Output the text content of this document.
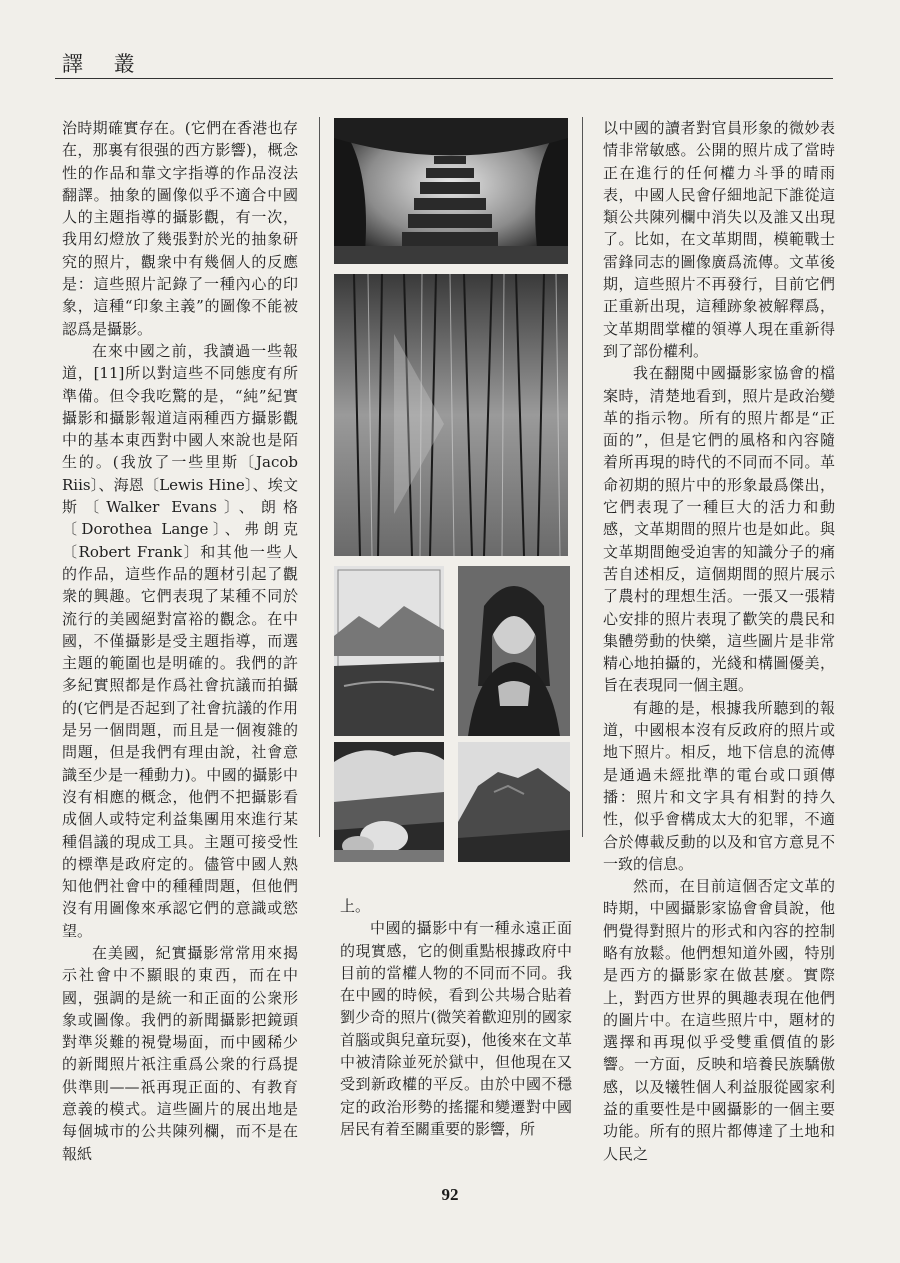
譯 叢

治時期確實存在。(它們在香港也存在，那裏有很强的西方影響)，概念性的作品和靠文字指導的作品沒法翻譯。抽象的圖像似乎不適合中國人的主題指導的攝影觀，有一次，我用幻燈放了幾張對於光的抽象研究的照片，觀衆中有幾個人的反應是：這些照片記錄了一種內心的印象，這種“印象主義”的圖像不能被認爲是攝影。

在來中國之前，我讀過一些報道，[11]所以對這些不同態度有所準備。但令我吃驚的是，“純”紀實攝影和攝影報道這兩種西方攝影觀中的基本東西對中國人來說也是陌生的。(我放了一些里斯〔Jacob Riis〕、海恩〔Lewis Hine〕、埃文斯〔Walker Evans〕、朗格〔Dorothea Lange〕、弗朗克〔Robert Frank〕和其他一些人的作品，這些作品的題材引起了觀衆的興趣。它們表現了某種不同於流行的美國絕對富裕的觀念。在中國，不僅攝影是受主題指導，而選主題的範圍也是明確的。我們的許多紀實照都是作爲社會抗議而拍攝的(它們是否起到了社會抗議的作用是另一個問題，而且是一個複雜的問題，但是我們有理由說，社會意識至少是一種動力)。中國的攝影中沒有相應的概念，他們不把攝影看成個人或特定利益集團用來進行某種倡議的現成工具。主題可接受性的標準是政府定的。儘管中國人熟知他們社會中的種種問題，但他們沒有用圖像來承認它們的意識或慾望。

在美國，紀實攝影常常用來揭示社會中不顯眼的東西，而在中國，强調的是統一和正面的公衆形象或圖像。我們的新聞攝影把鏡頭對準災難的視覺場面，而中國稀少的新聞照片祇注重爲公衆的行爲提供準則——祇再現正面的、有教育意義的模式。這些圖片的展出地是每個城市的公共陳列欄，而不是在報紙

上。

中國的攝影中有一種永遠正面的現實感，它的側重點根據政府中目前的當權人物的不同而不同。我在中國的時候，看到公共場合貼着劉少奇的照片(微笑着歡迎別的國家首腦或與兒童玩耍)，他後來在文革中被清除並死於獄中，但他現在又受到新政權的平反。由於中國不穩定的政治形勢的搖擺和變遷對中國居民有着至關重要的影響，所

以中國的讀者對官員形象的微妙表情非常敏感。公開的照片成了當時正在進行的任何權力斗爭的晴雨表，中國人民會仔細地記下誰從這類公共陳列欄中消失以及誰又出現了。比如，在文革期間，模範戰士雷鋒同志的圖像廣爲流傳。文革後期，這些照片不再發行，目前它們正重新出現，這種跡象被解釋爲，文革期間掌權的領導人現在重新得到了部份權利。

我在翻閱中國攝影家協會的檔案時，清楚地看到，照片是政治變革的指示物。所有的照片都是“正面的”，但是它們的風格和內容隨着所再現的時代的不同而不同。革命初期的照片中的形象最爲傑出，它們表現了一種巨大的活力和動感，文革期間的照片也是如此。與文革期間飽受迫害的知識分子的痛苦自述相反，這個期間的照片展示了農村的理想生活。一張又一張精心安排的照片表現了歡笑的農民和集體勞動的快樂，這些圖片是非常精心地拍攝的，光綫和構圖優美，旨在表現同一個主題。

有趣的是，根據我所聽到的報道，中國根本沒有反政府的照片或地下照片。相反，地下信息的流傳是通過未經批準的電台或口頭傳播：照片和文字具有相對的持久性，似乎會構成太大的犯罪，不適合於傳載反動的以及和官方意見不一致的信息。

然而，在目前這個否定文革的時期，中國攝影家協會會員說，他們覺得對照片的形式和內容的控制略有放鬆。他們想知道外國，特別是西方的攝影家在做甚麼。實際上，對西方世界的興趣表現在他們的圖片中。在這些照片中，題材的選擇和再現似乎受雙重價值的影響。一方面，反映和培養民族驕傲感，以及犧牲個人利益服從國家利益的重要性是中國攝影的一個主要功能。所有的照片都傳達了土地和人民之

92
